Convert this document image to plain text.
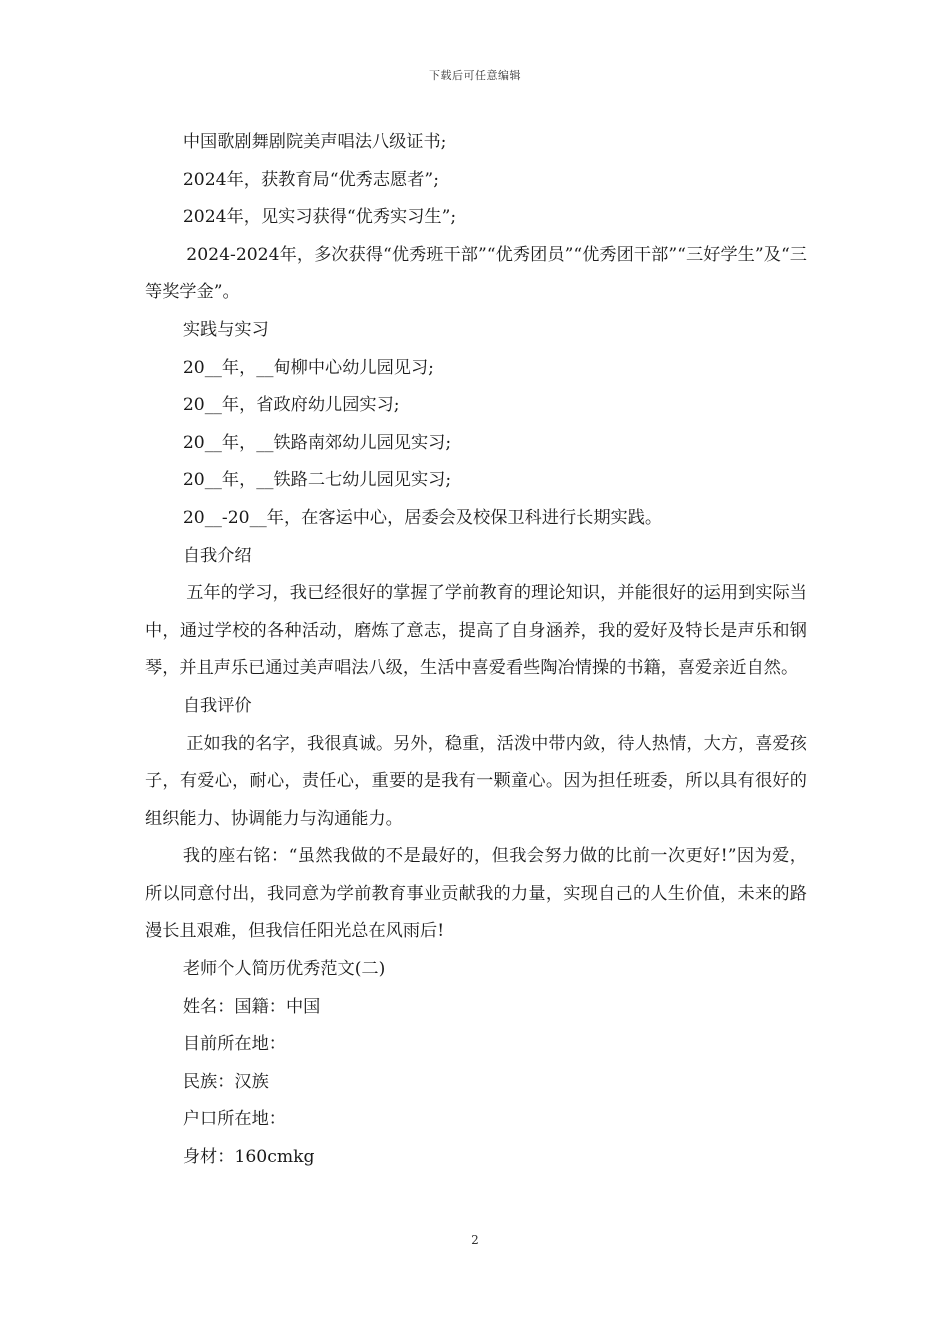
下载后可任意编辑

中国歌剧舞剧院美声唱法八级证书;

2024年，获教育局“优秀志愿者”;

2024年，见实习获得“优秀实习生”;

2024-2024年，多次获得“优秀班干部”“优秀团员”“优秀团干部”“三好学生”及“三等奖学金”。

实践与实习

20__年，__甸柳中心幼儿园见习;

20__年，省政府幼儿园实习;

20__年，__铁路南郊幼儿园见实习;

20__年，__铁路二七幼儿园见实习;

20__-20__年，在客运中心，居委会及校保卫科进行长期实践。

自我介绍

五年的学习，我已经很好的掌握了学前教育的理论知识，并能很好的运用到实际当中，通过学校的各种活动，磨炼了意志，提高了自身涵养，我的爱好及特长是声乐和钢琴，并且声乐已通过美声唱法八级，生活中喜爱看些陶冶情操的书籍，喜爱亲近自然。

自我评价

正如我的名字，我很真诚。另外，稳重，活泼中带内敛，待人热情，大方，喜爱孩子，有爱心，耐心，责任心，重要的是我有一颗童心。因为担任班委，所以具有很好的组织能力、协调能力与沟通能力。

我的座右铭：“虽然我做的不是最好的，但我会努力做的比前一次更好!”因为爱，所以同意付出，我同意为学前教育事业贡献我的力量，实现自己的人生价值，未来的路漫长且艰难，但我信任阳光总在风雨后!

老师个人简历优秀范文(二)

姓名：国籍：中国

目前所在地：

民族：汉族

户口所在地：

身材：160cmkg

2
